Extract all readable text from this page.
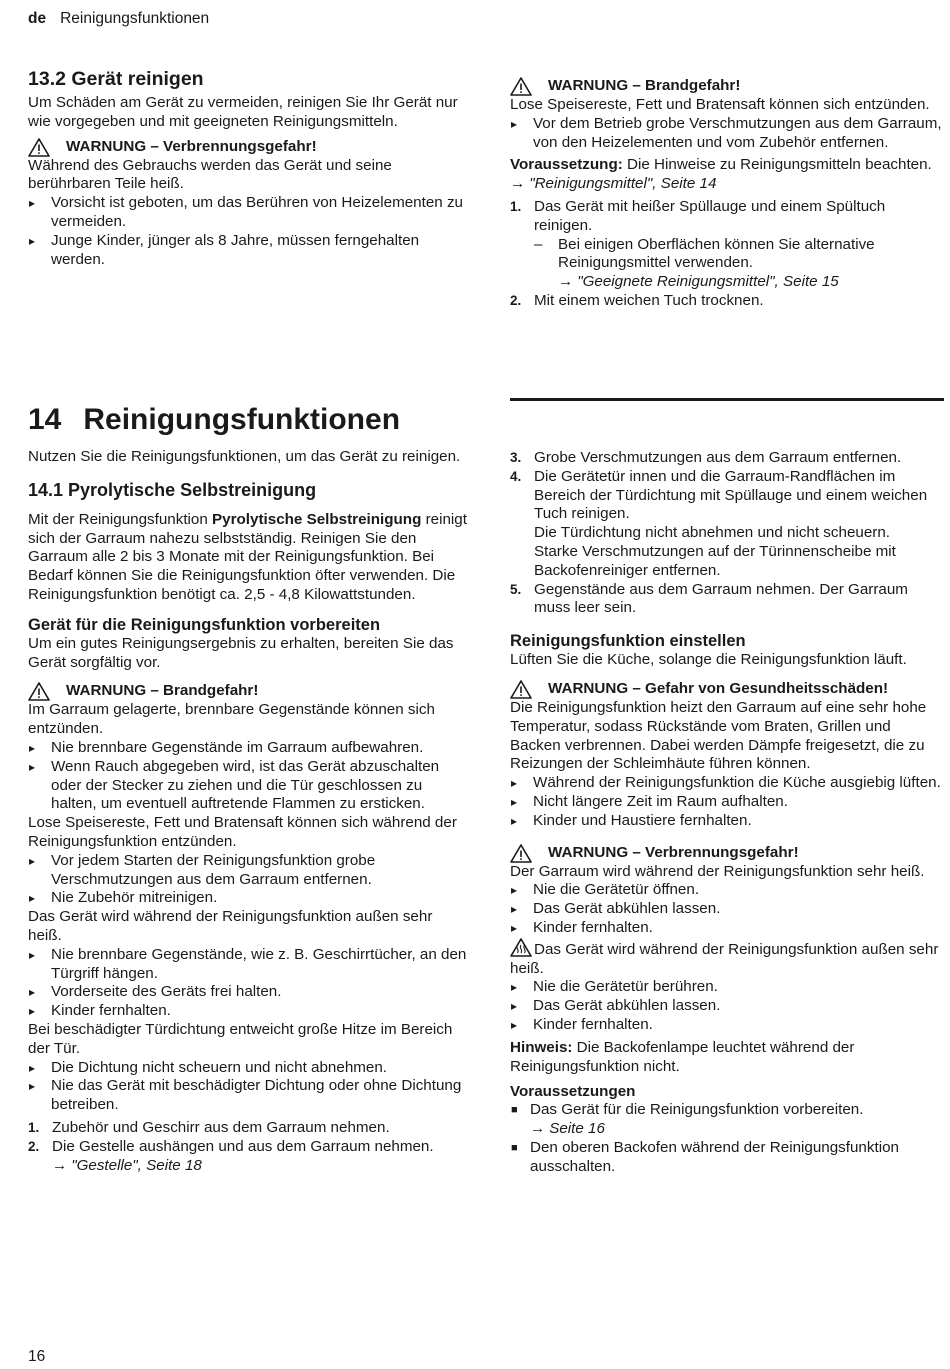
de Reinigungsfunktionen
13.2 Gerät reinigen

Um Schäden am Gerät zu vermeiden, reinigen Sie Ihr Gerät nur wie vorgegeben und mit geeigneten Reinigungsmitteln.

WARNUNG – Verbrennungsgefahr!

Während des Gebrauchs werden das Gerät und seine berührbaren Teile heiß.

▸ Vorsicht ist geboten, um das Berühren von Heizelementen zu vermeiden.
▸ Junge Kinder, jünger als 8 Jahre, müssen ferngehalten werden.
WARNUNG – Brandgefahr!

Lose Speisereste, Fett und Bratensaft können sich entzünden.

▸ Vor dem Betrieb grobe Verschmutzungen aus dem Garraum, von den Heizelementen und vom Zubehör entfernen.

Voraussetzung: Die Hinweise zu Reinigungsmitteln beachten.

→ "Reinigungsmittel", Seite 14

1. Das Gerät mit heißer Spüllauge und einem Spültuch reinigen.
– Bei einigen Oberflächen können Sie alternative Reinigungsmittel verwenden.

→ "Geeignete Reinigungsmittel", Seite 15

2. Mit einem weichen Tuch trocknen.
14 Reinigungsfunktionen

Nutzen Sie die Reinigungsfunktionen, um das Gerät zu reinigen.

14.1 Pyrolytische Selbstreinigung

Mit der Reinigungsfunktion Pyrolytische Selbstreinigung reinigt sich der Garraum nahezu selbstständig. Reinigen Sie den Garraum alle 2 bis 3 Monate mit der Reinigungsfunktion. Bei Bedarf können Sie die Reinigungsfunktion öfter verwenden. Die Reinigungsfunktion benötigt ca. 2,5 - 4,8 Kilowattstunden.

Gerät für die Reinigungsfunktion vorbereiten

Um ein gutes Reinigungsergebnis zu erhalten, bereiten Sie das Gerät sorgfältig vor.

WARNUNG – Brandgefahr!

Im Garraum gelagerte, brennbare Gegenstände können sich entzünden.

▸ Nie brennbare Gegenstände im Garraum aufbewahren.
▸ Wenn Rauch abgegeben wird, ist das Gerät abzuschalten oder der Stecker zu ziehen und die Tür geschlossen zu halten, um eventuell auftretende Flammen zu ersticken.

Lose Speisereste, Fett und Bratensaft können sich während der Reinigungsfunktion entzünden.

▸ Vor jedem Starten der Reinigungsfunktion grobe Verschmutzungen aus dem Garraum entfernen.
▸ Nie Zubehör mitreinigen.

Das Gerät wird während der Reinigungsfunktion außen sehr heiß.

▸ Nie brennbare Gegenstände, wie z. B. Geschirrtücher, an den Türgriff hängen.
▸ Vorderseite des Geräts frei halten.
▸ Kinder fernhalten.

Bei beschädigter Türdichtung entweicht große Hitze im Bereich der Tür.

▸ Die Dichtung nicht scheuern und nicht abnehmen.
▸ Nie das Gerät mit beschädigter Dichtung oder ohne Dichtung betreiben.
1. Zubehör und Geschirr aus dem Garraum nehmen.
2. Die Gestelle aushängen und aus dem Garraum nehmen.

→ "Gestelle", Seite 18

3. Grobe Verschmutzungen aus dem Garraum entfernen.
4. Die Gerätetür innen und die Garraum-Randflächen im Bereich der Türdichtung mit Spüllauge und einem weichen Tuch reinigen.

Die Türdichtung nicht abnehmen und nicht scheuern.

Starke Verschmutzungen auf der Türinnenscheibe mit Backofenreiniger entfernen.

5. Gegenstände aus dem Garraum nehmen. Der Garraum muss leer sein.
Reinigungsfunktion einstellen

Lüften Sie die Küche, solange die Reinigungsfunktion läuft.

WARNUNG – Gefahr von Gesundheitsschäden!

Die Reinigungsfunktion heizt den Garraum auf eine sehr hohe Temperatur, sodass Rückstände vom Braten, Grillen und Backen verbrennen. Dabei werden Dämpfe freigesetzt, die zu Reizungen der Schleimhäute führen können.

▸ Während der Reinigungsfunktion die Küche ausgiebig lüften.
▸ Nicht längere Zeit im Raum aufhalten.
▸ Kinder und Haustiere fernhalten.
WARNUNG – Verbrennungsgefahr!

Der Garraum wird während der Reinigungsfunktion sehr heiß.

▸ Nie die Gerätetür öffnen.
▸ Das Gerät abkühlen lassen.
▸ Kinder fernhalten.

Das Gerät wird während der Reinigungsfunktion außen sehr heiß.

▸ Nie die Gerätetür berühren.
▸ Das Gerät abkühlen lassen.
▸ Kinder fernhalten.

Hinweis: Die Backofenlampe leuchtet während der Reinigungsfunktion nicht.

Voraussetzungen
■ Das Gerät für die Reinigungsfunktion vorbereiten.

→ Seite 16

■ Den oberen Backofen während der Reinigungsfunktion ausschalten.
16
